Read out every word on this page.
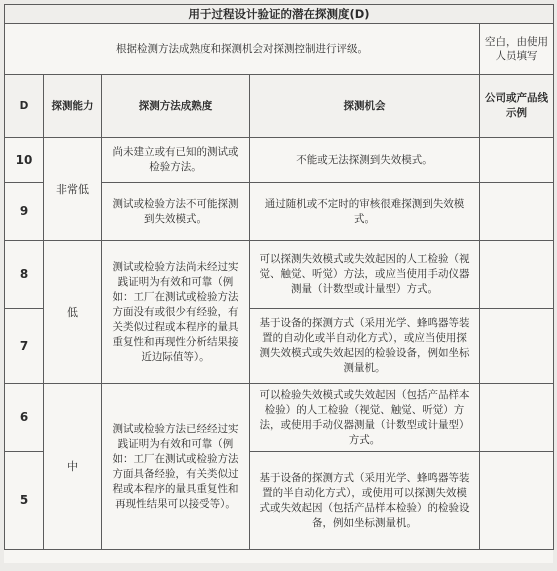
用于过程设计验证的潜在探测度(D)				
根据检测方法成熟度和探测机会对探测控制进行评级。				空白，由使用人员填写
D	探测能力	探测方法成熟度	探测机会	公司或产品线示例
10	非常低	尚未建立或有已知的测试或检验方法。	不能或无法探测到失效模式。	
9		测试或检验方法不可能探测到失效模式。	通过随机或不定时的审核很难探测到失效模式。	
8	低	测试或检验方法尚未经过实践证明为有效和可靠（例如：工厂在测试或检验方法方面没有或很少有经验，有关类似过程或本程序的量具重复性和再现性分析结果接近边际值等）。	可以探测失效模式或失效起因的人工检验（视觉、触觉、听觉）方法，或应当使用手动仪器测量（计数型或计量型）方式。	
7			基于设备的探测方式（采用光学、蜂鸣器等装置的自动化或半自动化方式），或应当使用探测失效模式或失效起因的检验设备，例如坐标测量机。	
6	中	测试或检验方法已经经过实践证明为有效和可靠（例如：工厂在测试或检验方法方面具备经验，有关类似过程或本程序的量具重复性和再现性结果可以接受等）。	可以检验失效模式或失效起因（包括产品样本检验）的人工检验（视觉、触觉、听觉）方法，或使用手动仪器测量（计数型或计量型）方式。	
5			基于设备的探测方式（采用光学、蜂鸣器等装置的半自动化方式），或使用可以探测失效模式或失效起因（包括产品样本检验）的检验设备，例如坐标测量机。	
